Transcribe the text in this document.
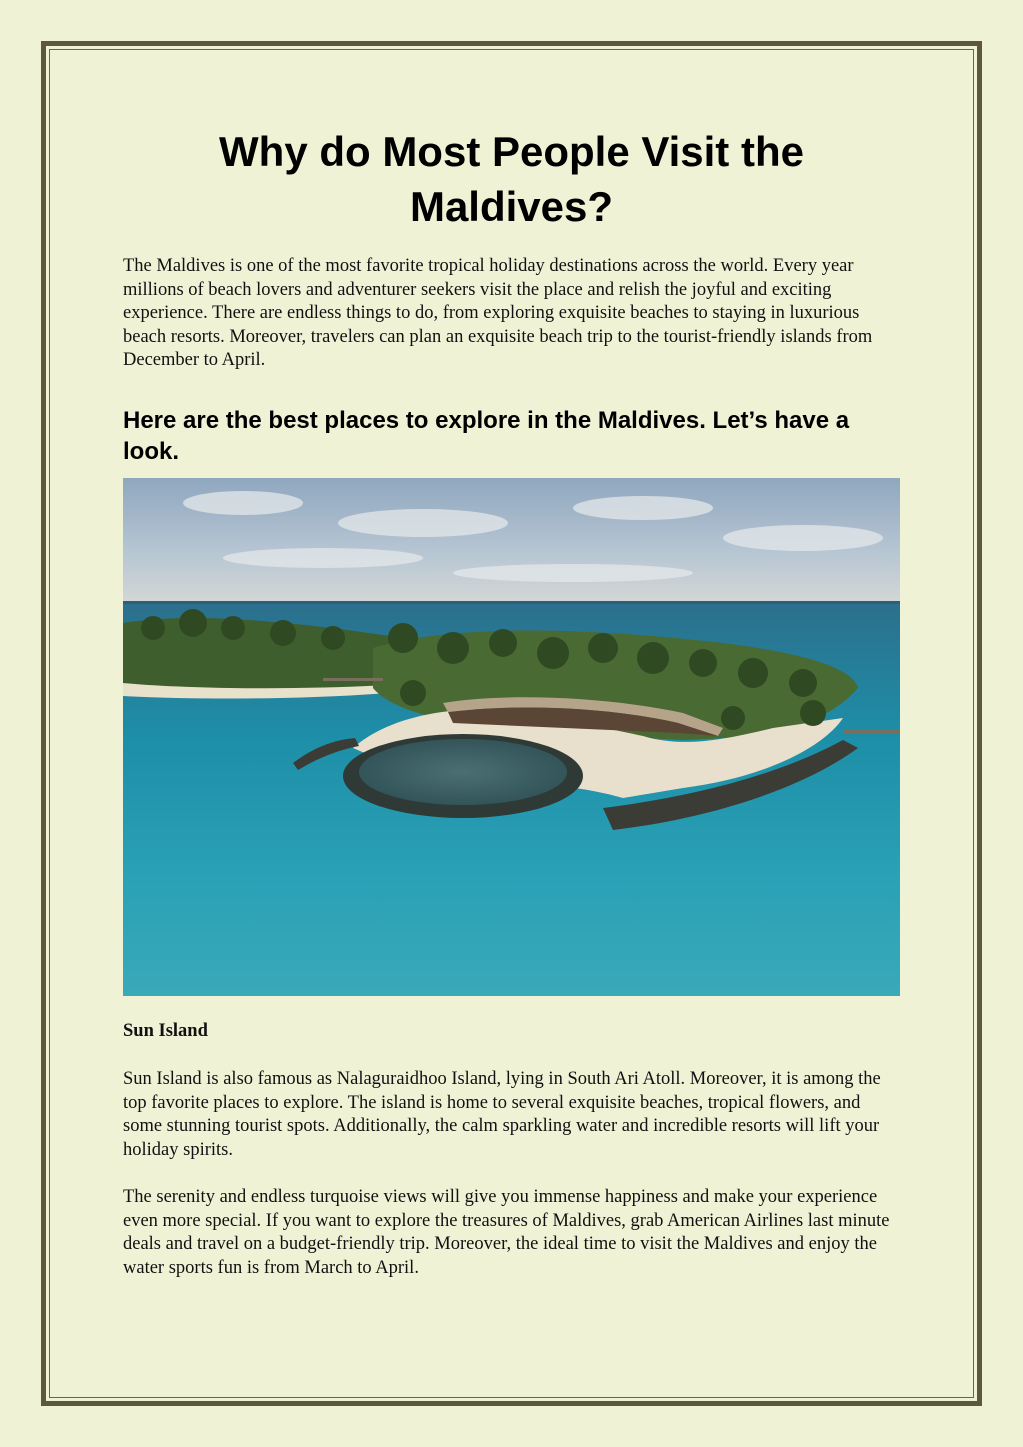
Why do Most People Visit the Maldives?

The Maldives is one of the most favorite tropical holiday destinations across the world. Every year millions of beach lovers and adventurer seekers visit the place and relish the joyful and exciting experience. There are endless things to do, from exploring exquisite beaches to staying in luxurious beach resorts. Moreover, travelers can plan an exquisite beach trip to the tourist-friendly islands from December to April.

Here are the best places to explore in the Maldives. Let’s have a look.
Sun Island

Sun Island is also famous as Nalaguraidhoo Island, lying in South Ari Atoll. Moreover, it is among the top favorite places to explore. The island is home to several exquisite beaches, tropical flowers, and some stunning tourist spots. Additionally, the calm sparkling water and incredible resorts will lift your holiday spirits.

The serenity and endless turquoise views will give you immense happiness and make your experience even more special. If you want to explore the treasures of Maldives, grab American Airlines last minute deals and travel on a budget-friendly trip. Moreover, the ideal time to visit the Maldives and enjoy the water sports fun is from March to April.
